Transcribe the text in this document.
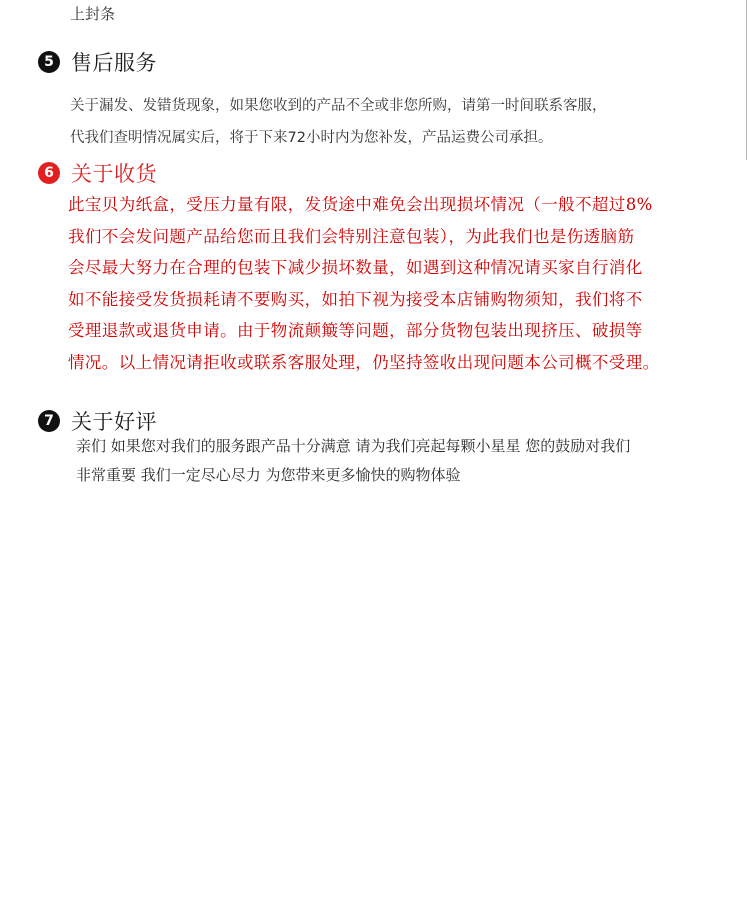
上封条
5 售后服务
关于漏发、发错货现象，如果您收到的产品不全或非您所购，请第一时间联系客服，
代我们查明情况属实后，将于下来72小时内为您补发，产品运费公司承担。
6 关于收货
此宝贝为纸盒，受压力量有限，发货途中难免会出现损坏情况（一般不超过8%
我们不会发问题产品给您而且我们会特别注意包装），为此我们也是伤透脑筋
会尽最大努力在合理的包装下减少损坏数量，如遇到这种情况请买家自行消化
如不能接受发货损耗请不要购买，如拍下视为接受本店铺购物须知，我们将不
受理退款或退货申请。由于物流颠簸等问题，部分货物包装出现挤压、破损等
情况。以上情况请拒收或联系客服处理，仍坚持签收出现问题本公司概不受理。
7 关于好评
亲们 如果您对我们的服务跟产品十分满意 请为我们亮起每颗小星星 您的鼓励对我们
非常重要 我们一定尽心尽力 为您带来更多愉快的购物体验
